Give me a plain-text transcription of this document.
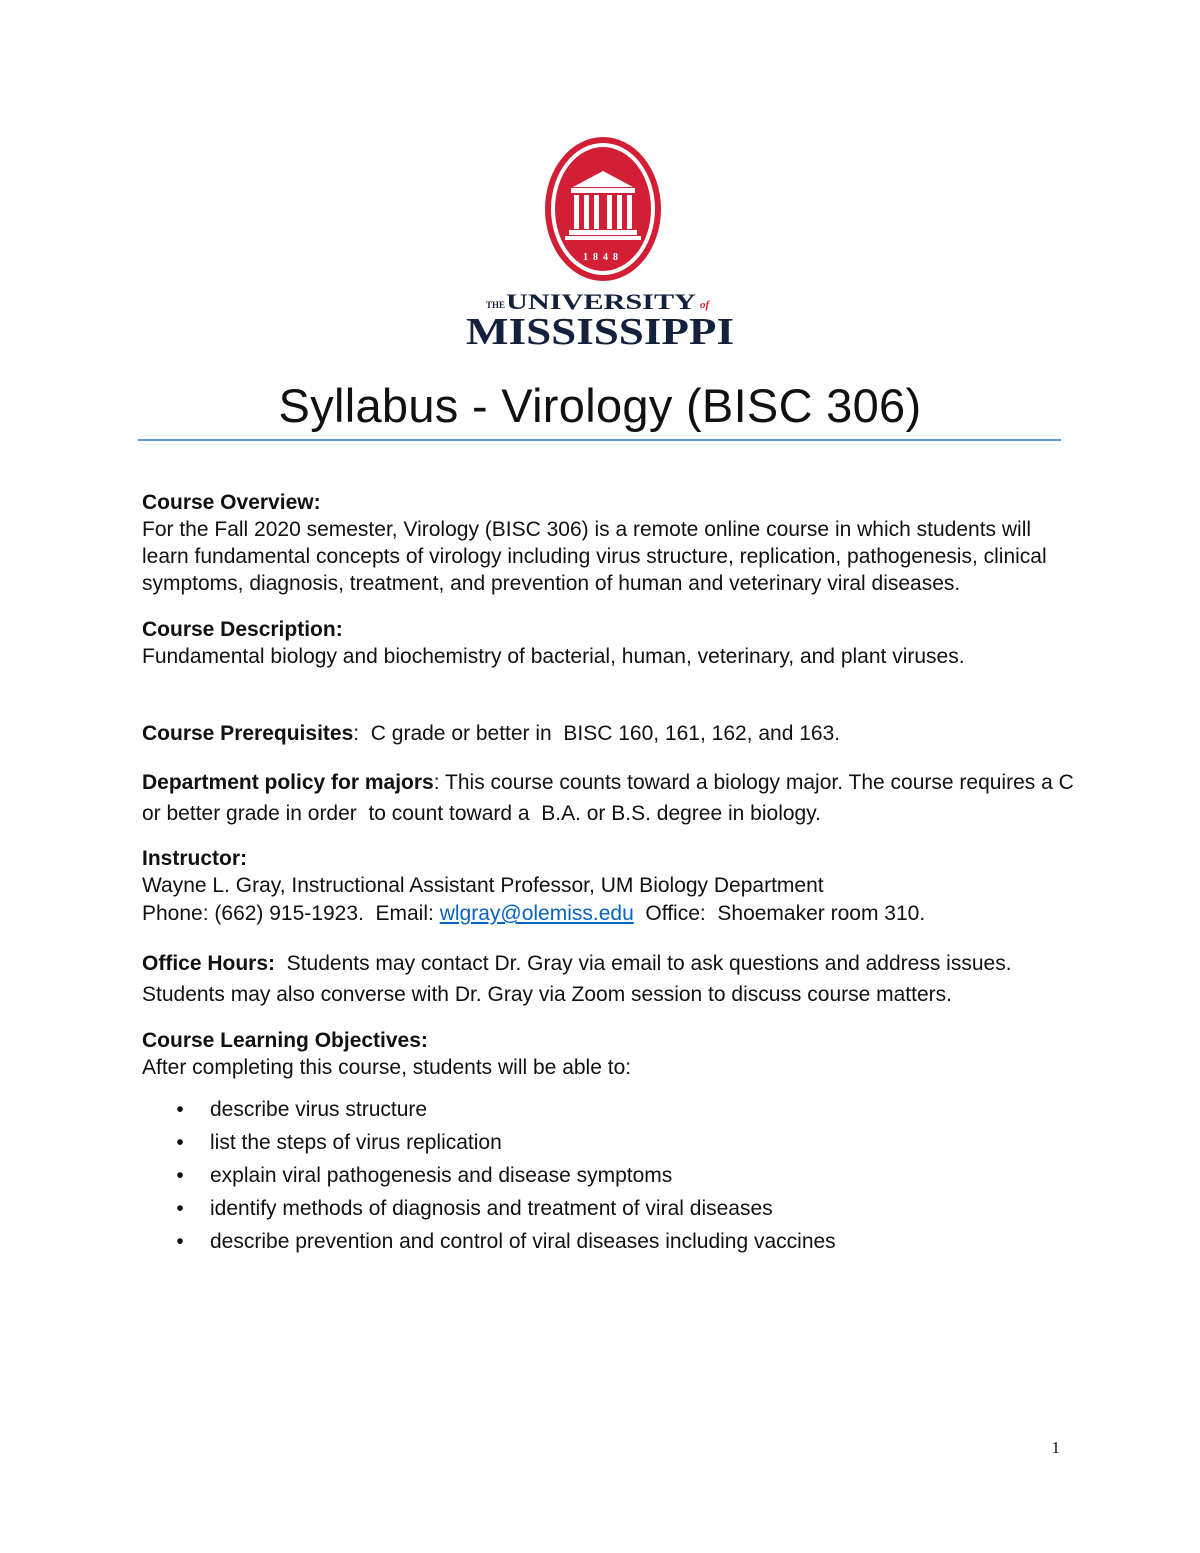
1848
THE UNIVERSITY of
MISSISSIPPI
Syllabus - Virology (BISC 306)

Course Overview:

For the Fall 2020 semester, Virology (BISC 306) is a remote online course in which students will learn fundamental concepts of virology including virus structure, replication, pathogenesis, clinical symptoms, diagnosis, treatment, and prevention of human and veterinary viral diseases.

Course Description:

Fundamental biology and biochemistry of bacterial, human, veterinary, and plant viruses.

Course Prerequisites:  C grade or better in  BISC 160, 161, 162, and 163.

Department policy for majors: This course counts toward a biology major. The course requires a C or better grade in order  to count toward a  B.A. or B.S. degree in biology.

Instructor:

Wayne L. Gray, Instructional Assistant Professor, UM Biology Department

Phone: (662) 915-1923.  Email: wlgray@olemiss.edu  Office:  Shoemaker room 310.

Office Hours:  Students may contact Dr. Gray via email to ask questions and address issues. Students may also converse with Dr. Gray via Zoom session to discuss course matters.

Course Learning Objectives:

After completing this course, students will be able to:

• describe virus structure
• list the steps of virus replication
• explain viral pathogenesis and disease symptoms
• identify methods of diagnosis and treatment of viral diseases
• describe prevention and control of viral diseases including vaccines
1
